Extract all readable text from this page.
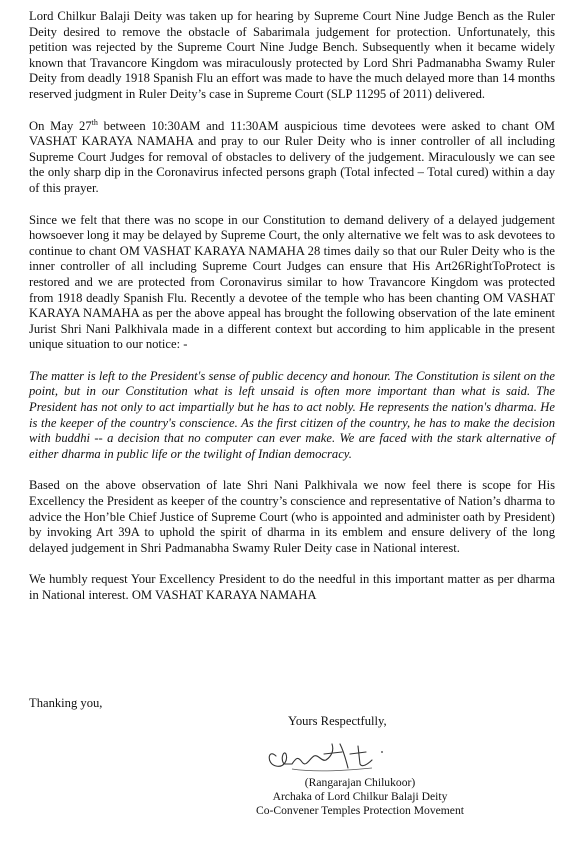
Lord Chilkur Balaji Deity was taken up for hearing by Supreme Court Nine Judge Bench as the Ruler Deity desired to remove the obstacle of Sabarimala judgement for protection. Unfortunately, this petition was rejected by the Supreme Court Nine Judge Bench. Subsequently when it became widely known that Travancore Kingdom was miraculously protected by Lord Shri Padmanabha Swamy Ruler Deity from deadly 1918 Spanish Flu an effort was made to have the much delayed more than 14 months reserved judgment in Ruler Deity’s case in Supreme Court (SLP 11295 of 2011) delivered.

On May 27th between 10:30AM and 11:30AM auspicious time devotees were asked to chant OM VASHAT KARAYA NAMAHA and pray to our Ruler Deity who is inner controller of all including Supreme Court Judges for removal of obstacles to delivery of the judgement. Miraculously we can see the only sharp dip in the Coronavirus infected persons graph (Total infected – Total cured) within a day of this prayer.

Since we felt that there was no scope in our Constitution to demand delivery of a delayed judgement howsoever long it may be delayed by Supreme Court, the only alternative we felt was to ask devotees to continue to chant OM VASHAT KARAYA NAMAHA 28 times daily so that our Ruler Deity who is the inner controller of all including Supreme Court Judges can ensure that His Art26RightToProtect is restored and we are protected from Coronavirus similar to how Travancore Kingdom was protected from 1918 deadly Spanish Flu. Recently a devotee of the temple who has been chanting OM VASHAT KARAYA NAMAHA as per the above appeal has brought the following observation of the late eminent Jurist Shri Nani Palkhivala made in a different context but according to him applicable in the present unique situation to our notice: -

The matter is left to the President's sense of public decency and honour. The Constitution is silent on the point, but in our Constitution what is left unsaid is often more important than what is said. The President has not only to act impartially but he has to act nobly. He represents the nation's dharma. He is the keeper of the country's conscience. As the first citizen of the country, he has to make the decision with buddhi -- a decision that no computer can ever make. We are faced with the stark alternative of either dharma in public life or the twilight of Indian democracy.

Based on the above observation of late Shri Nani Palkhivala we now feel there is scope for His Excellency the President as keeper of the country’s conscience and representative of Nation’s dharma to advice the Hon’ble Chief Justice of Supreme Court (who is appointed and administer oath by President) by invoking Art 39A to uphold the spirit of dharma in its emblem and ensure delivery of the long delayed judgement in Shri Padmanabha Swamy Ruler Deity case in National interest.

We humbly request Your Excellency President to do the needful in this important matter as per dharma in National interest. OM VASHAT KARAYA NAMAHA

Thanking you,
Yours Respectfully,
(Rangarajan Chilukoor)
Archaka of Lord Chilkur Balaji Deity
Co-Convener Temples Protection Movement
